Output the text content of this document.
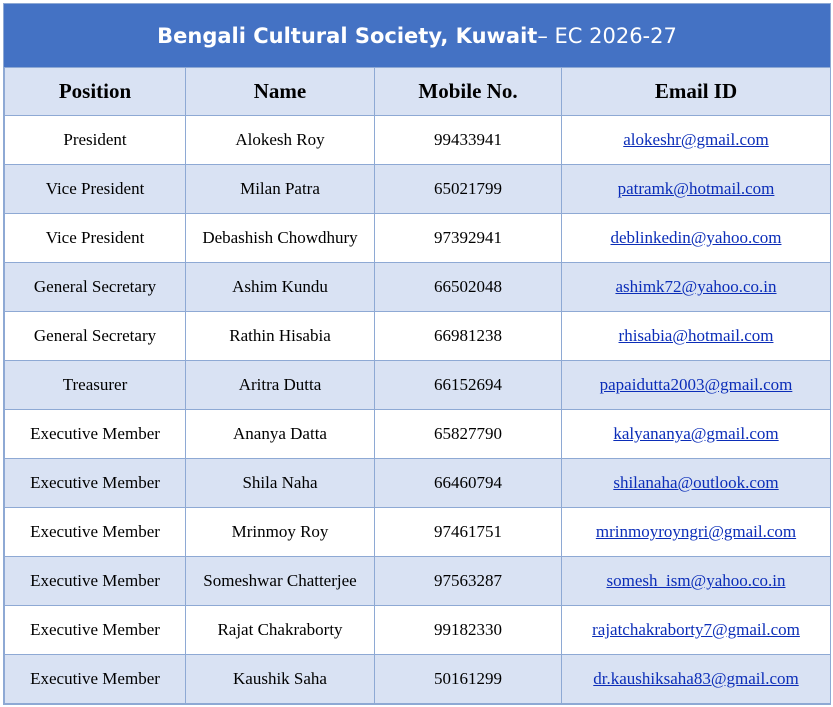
Bengali Cultural Society, Kuwait – EC 2026-27
Position	Name	Mobile No.	Email ID
President	Alokesh Roy	99433941	alokeshr@gmail.com
Vice President	Milan Patra	65021799	patramk@hotmail.com
Vice President	Debashish Chowdhury	97392941	deblinkedin@yahoo.com
General Secretary	Ashim Kundu	66502048	ashimk72@yahoo.co.in
General Secretary	Rathin Hisabia	66981238	rhisabia@hotmail.com
Treasurer	Aritra Dutta	66152694	papaidutta2003@gmail.com
Executive Member	Ananya Datta	65827790	kalyananya@gmail.com
Executive Member	Shila Naha	66460794	shilanaha@outlook.com
Executive Member	Mrinmoy Roy	97461751	mrinmoyroyngri@gmail.com
Executive Member	Someshwar Chatterjee	97563287	somesh_ism@yahoo.co.in
Executive Member	Rajat Chakraborty	99182330	rajatchakraborty7@gmail.com
Executive Member	Kaushik Saha	50161299	dr.kaushiksaha83@gmail.com
